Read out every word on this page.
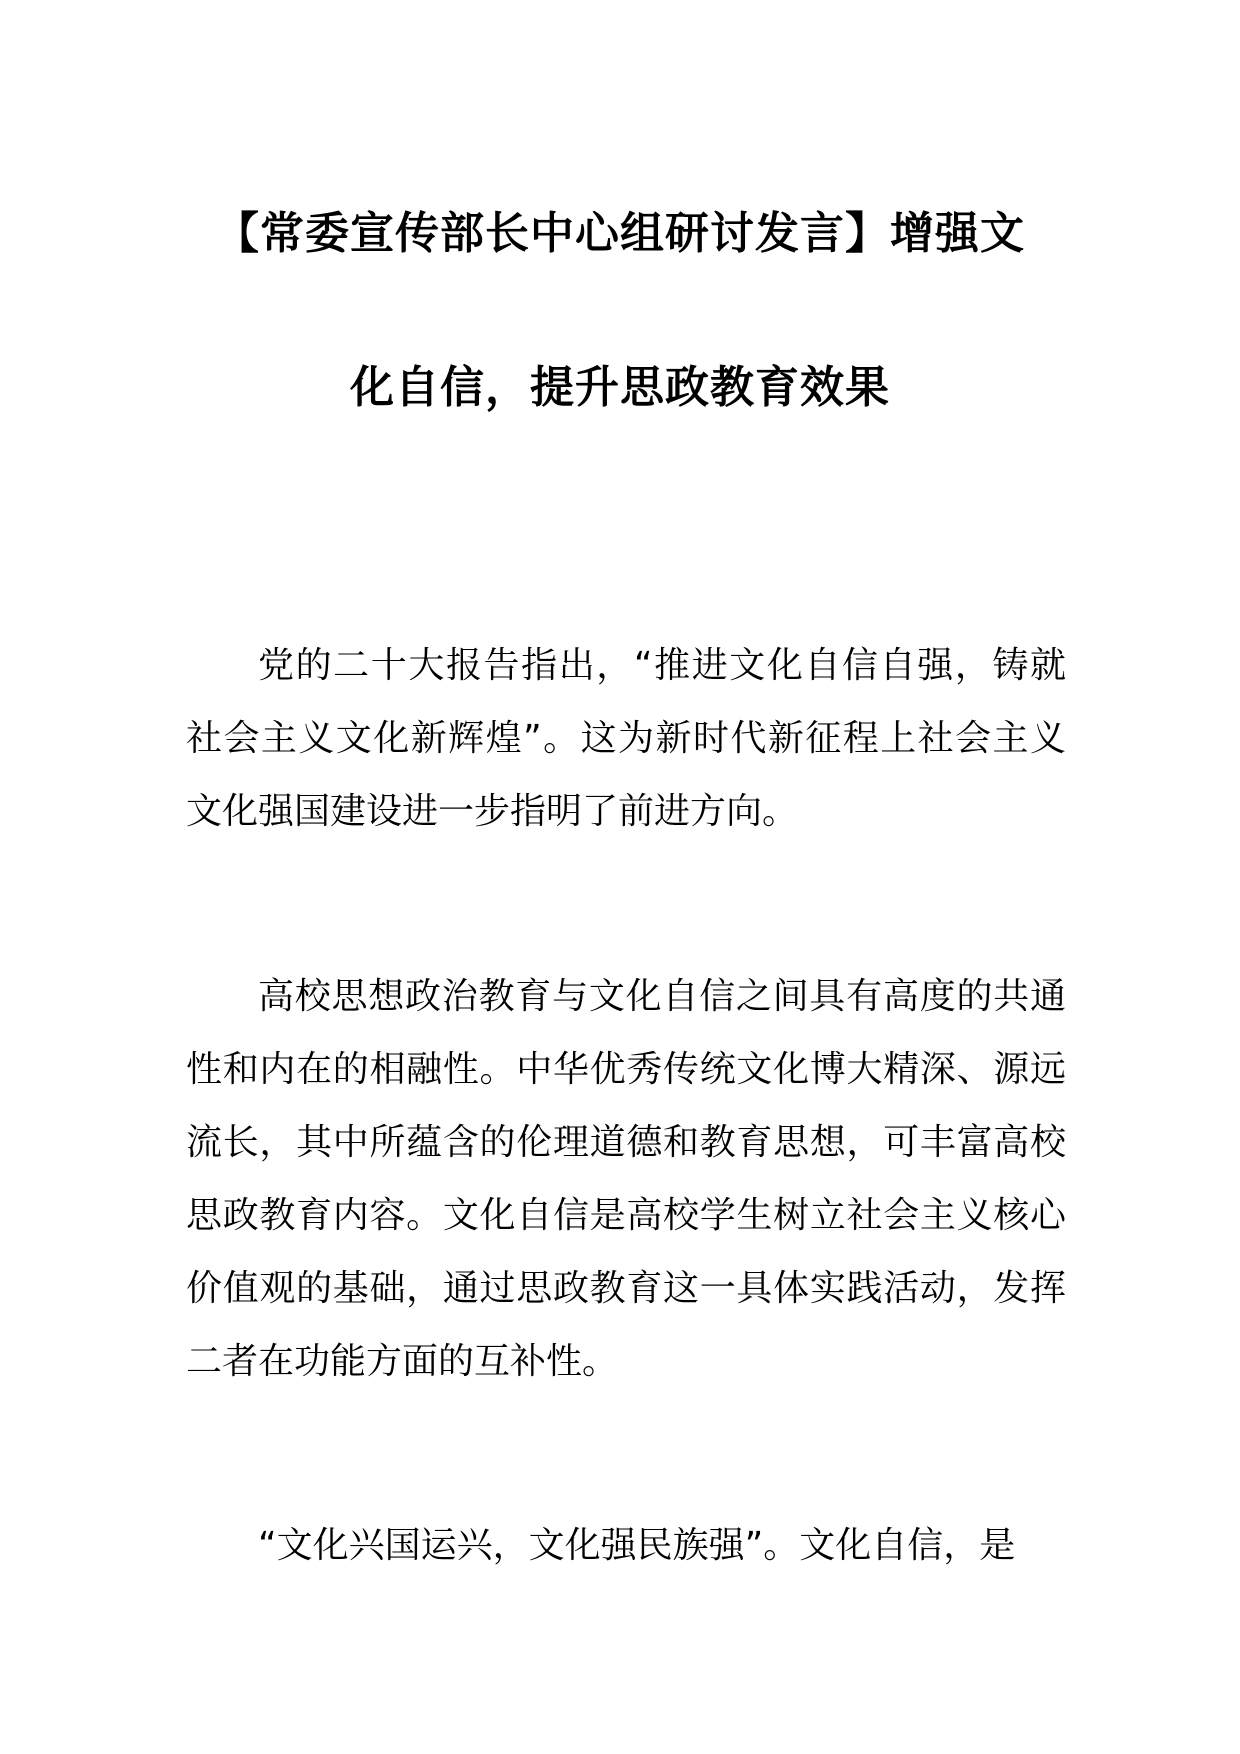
【常委宣传部长中心组研讨发言】增强文
化自信，提升思政教育效果

党的二十大报告指出，“推进文化自信自强，铸就社会主义文化新辉煌”。这为新时代新征程上社会主义文化强国建设进一步指明了前进方向。

高校思想政治教育与文化自信之间具有高度的共通性和内在的相融性。中华优秀传统文化博大精深、源远流长，其中所蕴含的伦理道德和教育思想，可丰富高校思政教育内容。文化自信是高校学生树立社会主义核心价值观的基础，通过思政教育这一具体实践活动，发挥二者在功能方面的互补性。

“文化兴国运兴，文化强民族强”。文化自信，是
